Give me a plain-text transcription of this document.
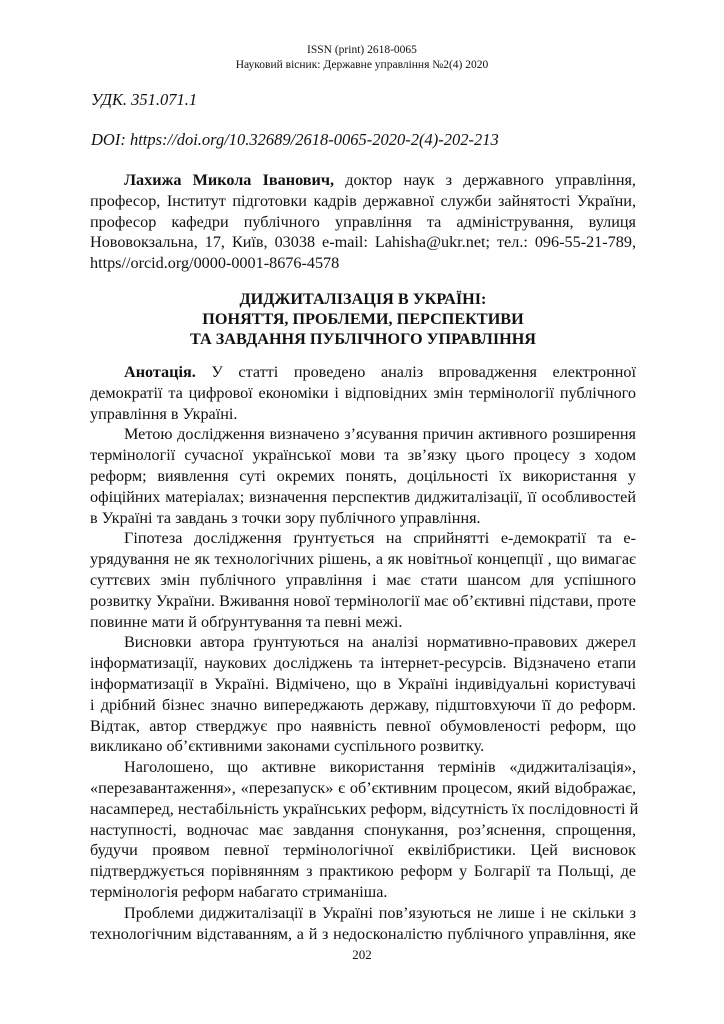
ISSN (print) 2618-0065
Науковий вісник: Державне управління №2(4) 2020
УДК. 351.071.1
DOI: https://doi.org/10.32689/2618-0065-2020-2(4)-202-213
Лахижа Микола Іванович, доктор наук з державного управління,
професор, Інститут підготовки кадрів державної служби зайнятості України,
професор кафедри публічного управління та адміністрування, вулиця
Нововокзальна, 17, Київ, 03038 e-mail: Lahisha@ukr.net; тел.: 096-55-21-789,
https//orcid.org/0000-0001-8676-4578
ДИДЖИТАЛІЗАЦІЯ В УКРАЇНІ:
ПОНЯТТЯ, ПРОБЛЕМИ, ПЕРСПЕКТИВИ
ТА ЗАВДАННЯ ПУБЛІЧНОГО УПРАВЛІННЯ
Анотація. У статті проведено аналіз впровадження електронної
демократії та цифрової економіки і відповідних змін термінології публічного
управління в Україні.
Метою дослідження визначено з’ясування причин активного розширення
термінології сучасної української мови та зв’язку цього процесу з ходом
реформ; виявлення суті окремих понять, доцільності їх використання у
офіційних матеріалах; визначення перспектив диджиталізації, її особливостей
в Україні та завдань з точки зору публічного управління.
Гіпотеза дослідження ґрунтується на сприйнятті е-демократії та е-
урядування не як технологічних рішень, а як новітньої концепції , що вимагає
суттєвих змін публічного управління і має стати шансом для успішного
розвитку України. Вживання нової термінології має об’єктивні підстави, проте
повинне мати й обґрунтування та певні межі.
Висновки автора ґрунтуються на аналізі нормативно-правових джерел
інформатизації, наукових досліджень та інтернет-ресурсів. Відзначено етапи
інформатизації в Україні. Відмічено, що в Україні індивідуальні користувачі
і дрібний бізнес значно випереджають державу, підштовхуючи її до реформ.
Відтак, автор стверджує про наявність певної обумовленості реформ, що
викликано об’єктивними законами суспільного розвитку.
Наголошено, що активне використання термінів «диджиталізація»,
«перезавантаження», «перезапуск» є об’єктивним процесом, який відображає,
насамперед, нестабільність українських реформ, відсутність їх послідовності й
наступності, водночас має завдання спонукання, роз’яснення, спрощення,
будучи проявом певної термінологічної еквілібристики. Цей висновок
підтверджується порівнянням з практикою реформ у Болгарії та Польщі, де
термінологія реформ набагато стриманіша.
Проблеми диджиталізації в Україні пов’язуються не лише і не скільки з
технологічним відставанням, а й з недосконалістю публічного управління, яке
202
